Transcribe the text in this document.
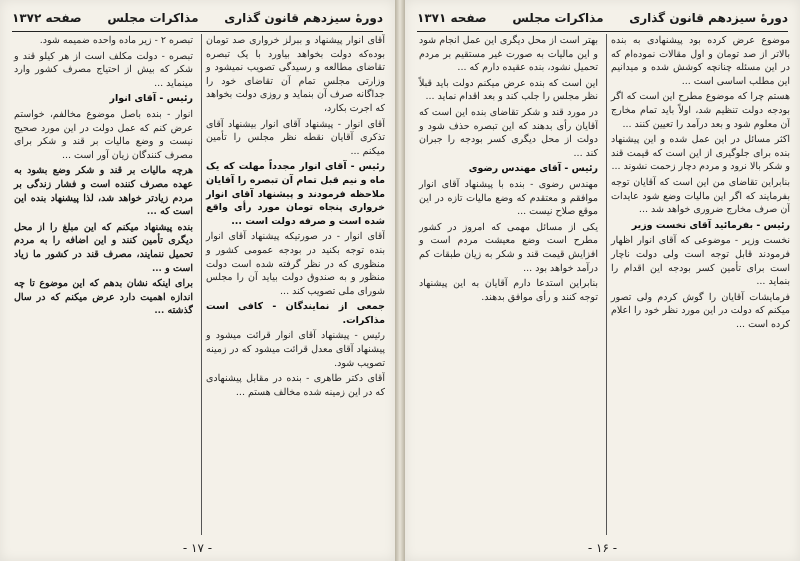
دورهٔ سیزدهم قانون گذاری
مذاکرات مجلس
صفحه ۱۳۷۲

آقای انوار پیشنهاد و ببرلز خرواری صد تومان بوده‌که دولت بخواهد بیاورد با یک تبصره تقاضای مطالعه و رسیدگی تصویب نمیشود و وزارتی مجلس تمام آن تقاضای خود را جداگانه صرف آن بنماید و روزی دولت بخواهد که اجرت بکارد،

آقای انوار - پیشنهاد آقای انوار بیشنهاد آقای تذکری آقایان نقطه نظر مجلس را تأمین میکنم ...

رئیس - آقای انوار مجدداً مهلت که یک ماه و نیم قبل تمام آن تبصره را آقایان ملاحظه فرمودند و پیشنهاد آقای انوار خرواری پنجاه تومان مورد رأی واقع شده است و صرفه دولت است ...

آقای انوار - در صورتیکه پیشنهاد آقای انوار بنده توجه بکنید در بودجه عمومی کشور و منظوری که در نظر گرفته شده است دولت منظور و به صندوق دولت بیاید آن را مجلس شورای ملی تصویب کند ...

جمعی از نمایندگان - کافی است مذاکرات.

رئیس - پیشنهاد آقای انوار قرائت میشود و پیشنهاد آقای معدل قرائت میشود که در زمینه تصویب شود.

آقای دکتر طاهری - بنده در مقابل پیشنهادی که در این زمینه شده مخالف هستم ...

تبصره ۲ - زیر ماده واحده ضمیمه شود.

تبصره - دولت مکلف است از هر کیلو قند و شکر که بیش از احتیاج مصرف کشور وارد مینماید ...

رئیس - آقای انوار

انوار - بنده باصل موضوع مخالفم، خواستم عرض کنم که عمل دولت در این مورد صحیح نیست و وضع مالیات بر قند و شکر برای مصرف کنندگان زیان آور است ...

هرچه مالیات بر قند و شکر وضع بشود به عهده مصرف کننده است و فشار زندگی بر مردم زیادتر خواهد شد، لذا پیشنهاد بنده این است که ...

بنده پیشنهاد میکنم که این مبلغ را از محل دیگری تأمین کنند و این اضافه را به مردم تحمیل ننمایند، مصرف قند در کشور ما زیاد است و ...

برای اینکه نشان بدهم که این موضوع تا چه اندازه اهمیت دارد عرض میکنم که در سال گذشته ...

- ۱۷ -
دورهٔ سیزدهم قانون گذاری
مذاکرات مجلس
صفحه ۱۳۷۱

موضوع عرض کرده بود پیشنهادی به بنده بالاتر از صد تومان و اول مقالات نموده‌ام که در این مسئله چنانچه کوشش شده و میدانیم این مطلب اساسی است ...

هستم چرا که موضوع مطرح این است که اگر بودجه دولت تنظیم شد، اولاً باید تمام مخارج آن معلوم شود و بعد درآمد را تعیین کنند ...

اکثر مسائل در این عمل شده و این پیشنهاد بنده برای جلوگیری از این است که قیمت قند و شکر بالا نرود و مردم دچار زحمت نشوند ...

بنابراین تقاضای من این است که آقایان توجه بفرمایند که اگر این مالیات وضع شود عایدات آن صرف مخارج ضروری خواهد شد ...

رئیس - بفرمائید آقای نخست وزیر

نخست وزیر - موضوعی که آقای انوار اظهار فرمودند قابل توجه است ولی دولت ناچار است برای تأمین کسر بودجه این اقدام را بنماید ...

فرمایشات آقایان را گوش کردم ولی تصور میکنم که دولت در این مورد نظر خود را اعلام کرده است ...

بهتر است از محل دیگری این عمل انجام شود و این مالیات به صورت غیر مستقیم بر مردم تحمیل نشود، بنده عقیده دارم که ...

این است که بنده عرض میکنم دولت باید قبلاً نظر مجلس را جلب کند و بعد اقدام نماید ...

در مورد قند و شکر تقاضای بنده این است که آقایان رأی بدهند که این تبصره حذف شود و دولت از محل دیگری کسر بودجه را جبران کند ...

رئیس - آقای مهندس رضوی

مهندس رضوی - بنده با پیشنهاد آقای انوار موافقم و معتقدم که وضع مالیات تازه در این موقع صلاح نیست ...

یکی از مسائل مهمی که امروز در کشور مطرح است وضع معیشت مردم است و افزایش قیمت قند و شکر به زیان طبقات کم درآمد خواهد بود ...

بنابراین استدعا دارم آقایان به این پیشنهاد توجه کنند و رأی موافق بدهند.

- ۱۶ -
